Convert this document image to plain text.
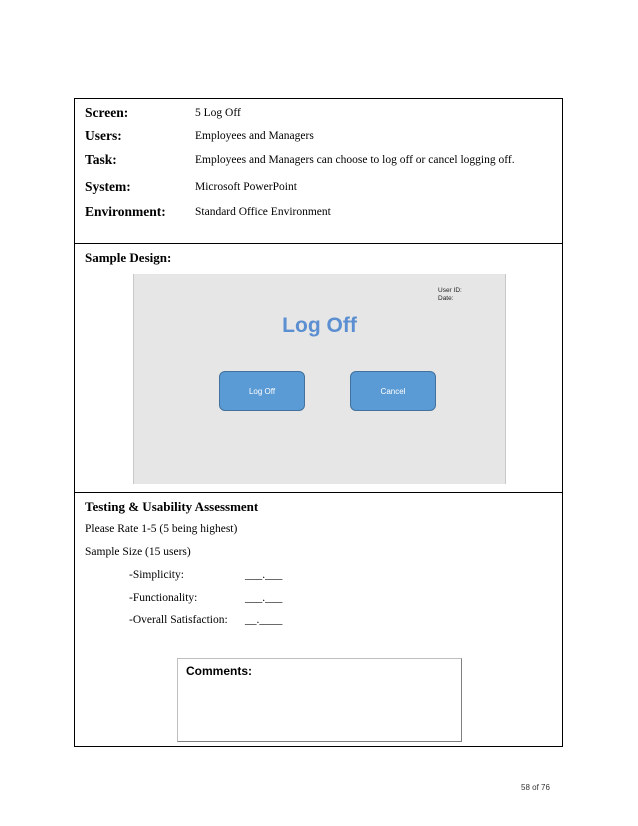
Screen:	5 Log Off
Users:	Employees and Managers
Task:	Employees and Managers can choose to log off or cancel logging off.
System:	Microsoft PowerPoint
Environment:	Standard Office Environment
Sample Design:
User ID:
Date:
Log Off
Log Off	Cancel
Testing & Usability Assessment
Please Rate 1-5 (5 being highest)
Sample Size (15 users)
-Simplicity:	___.___
-Functionality:	___.___
-Overall Satisfaction: __.____
Comments:
58 of 76
